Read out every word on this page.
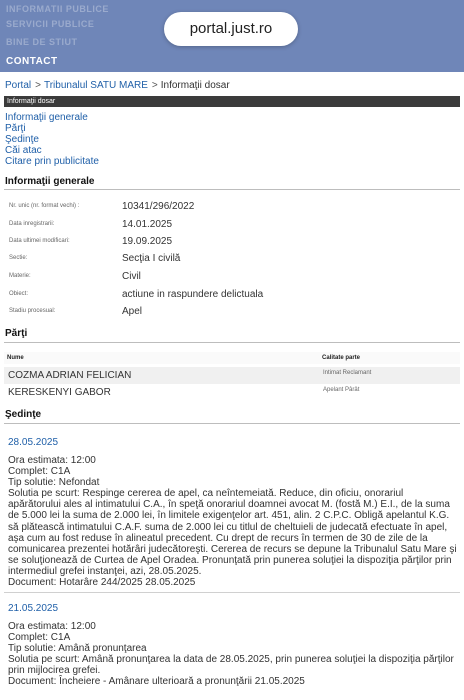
INFORMATII PUBLICE
SERVICII PUBLICE
BINE DE STIUT
CONTACT
portal.just.ro
Portal > Tribunalul SATU MARE > Informaţii dosar
Informaţii dosar
Informaţii generale
Părţi
Şedinţe
Căi atac
Citare prin publicitate
Informaţii generale
Nr. unic (nr. format vechi) :	10341/296/2022
Data inregistrarii:	14.01.2025
Data ultimei modificari:	19.09.2025
Sectie:	Secţia I civilă
Materie:	Civil
Obiect:	actiune in raspundere delictuala
Stadiu procesual:	Apel
Părţi
Nume	Calitate parte
COZMA ADRIAN FELICIAN	Intimat Reclamant
KERESKENYI GABOR	Apelant Pârât
Şedinţe
28.05.2025
Ora estimata: 12:00
Complet: C1A
Tip solutie: Nefondat
Solutia pe scurt: Respinge cererea de apel, ca neîntemeiată. Reduce, din oficiu, onorariul apărătorului ales al intimatului C.A., în speţă onorariul doamnei avocat M. (fostă M.) E.I., de la suma de 5.000 lei la suma de 2.000 lei, în limitele exigenţelor art. 451, alin. 2 C.P.C. Obligă apelantul K.G. să plătească intimatului C.A.F. suma de 2.000 lei cu titlul de cheltuieli de judecată efectuate în apel, aşa cum au fost reduse în alineatul precedent. Cu drept de recurs în termen de 30 de zile de la comunicarea prezentei hotărâri judecătoreşti. Cererea de recurs se depune la Tribunalul Satu Mare şi se soluţionează de Curtea de Apel Oradea. Pronunţată prin punerea soluţiei la dispoziţia părţilor prin intermediul grefei instanţei, azi, 28.05.2025.
Document: Hotarâre 244/2025 28.05.2025
21.05.2025
Ora estimata: 12:00
Complet: C1A
Tip solutie: Amână pronunţarea
Solutia pe scurt: Amână pronunţarea la data de 28.05.2025, prin punerea soluţiei la dispoziţia părţilor prin mijlocirea grefei.
Document: Încheiere - Amânare ulterioară a pronunţării 21.05.2025
